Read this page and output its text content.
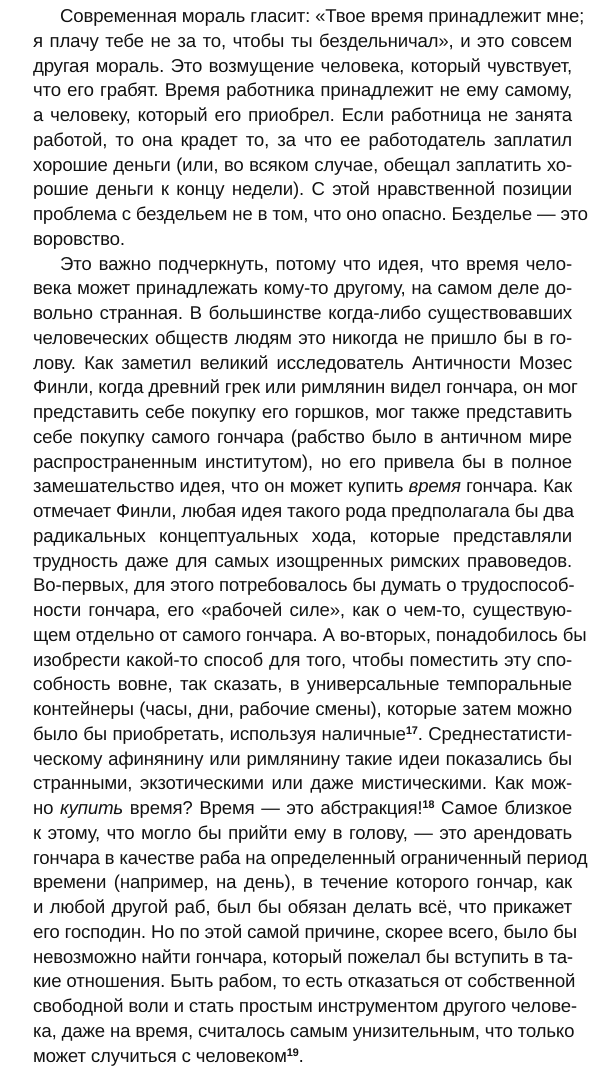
Современная мораль гласит: «Твое время принадлежит мне;
я плачу тебе не за то, чтобы ты бездельничал», и это совсем
другая мораль. Это возмущение человека, который чувствует,
что его грабят. Время работника принадлежит не ему самому,
а человеку, который его приобрел. Если работница не занята
работой, то она крадет то, за что ее работодатель заплатил
хорошие деньги (или, во всяком случае, обещал заплатить хо-
рошие деньги к концу недели). С этой нравственной позиции
проблема с бездельем не в том, что оно опасно. Безделье — это
воровство.
Это важно подчеркнуть, потому что идея, что время чело-
века может принадлежать кому-то другому, на самом деле до-
вольно странная. В большинстве когда-либо существовавших
человеческих обществ людям это никогда не пришло бы в го-
лову. Как заметил великий исследователь Античности Мозес
Финли, когда древний грек или римлянин видел гончара, он мог
представить себе покупку его горшков, мог также представить
себе покупку самого гончара (рабство было в античном мире
распространенным институтом), но его привела бы в полное
замешательство идея, что он может купить время гончара. Как
отмечает Финли, любая идея такого рода предполагала бы два
радикальных концептуальных хода, которые представляли
трудность даже для самых изощренных римских правоведов.
Во-первых, для этого потребовалось бы думать о трудоспособ-
ности гончара, его «рабочей силе», как о чем-то, существую-
щем отдельно от самого гончара. А во-вторых, понадобилось бы
изобрести какой-то способ для того, чтобы поместить эту спо-
собность вовне, так сказать, в универсальные темпоральные
контейнеры (часы, дни, рабочие смены), которые затем можно
было бы приобретать, используя наличные$^{17}$. Среднестатисти-
ческому афинянину или римлянину такие идеи показались бы
странными, экзотическими или даже мистическими. Как мож-
но купить время? Время — это абстракция!$^{18}$ Самое близкое
к этому, что могло бы прийти ему в голову, — это арендовать
гончара в качестве раба на определенный ограниченный период
времени (например, на день), в течение которого гончар, как
и любой другой раб, был бы обязан делать всё, что прикажет
его господин. Но по этой самой причине, скорее всего, было бы
невозможно найти гончара, который пожелал бы вступить в та-
кие отношения. Быть рабом, то есть отказаться от собственной
свободной воли и стать простым инструментом другого челове-
ка, даже на время, считалось самым унизительным, что только
может случиться с человеком$^{19}$.
